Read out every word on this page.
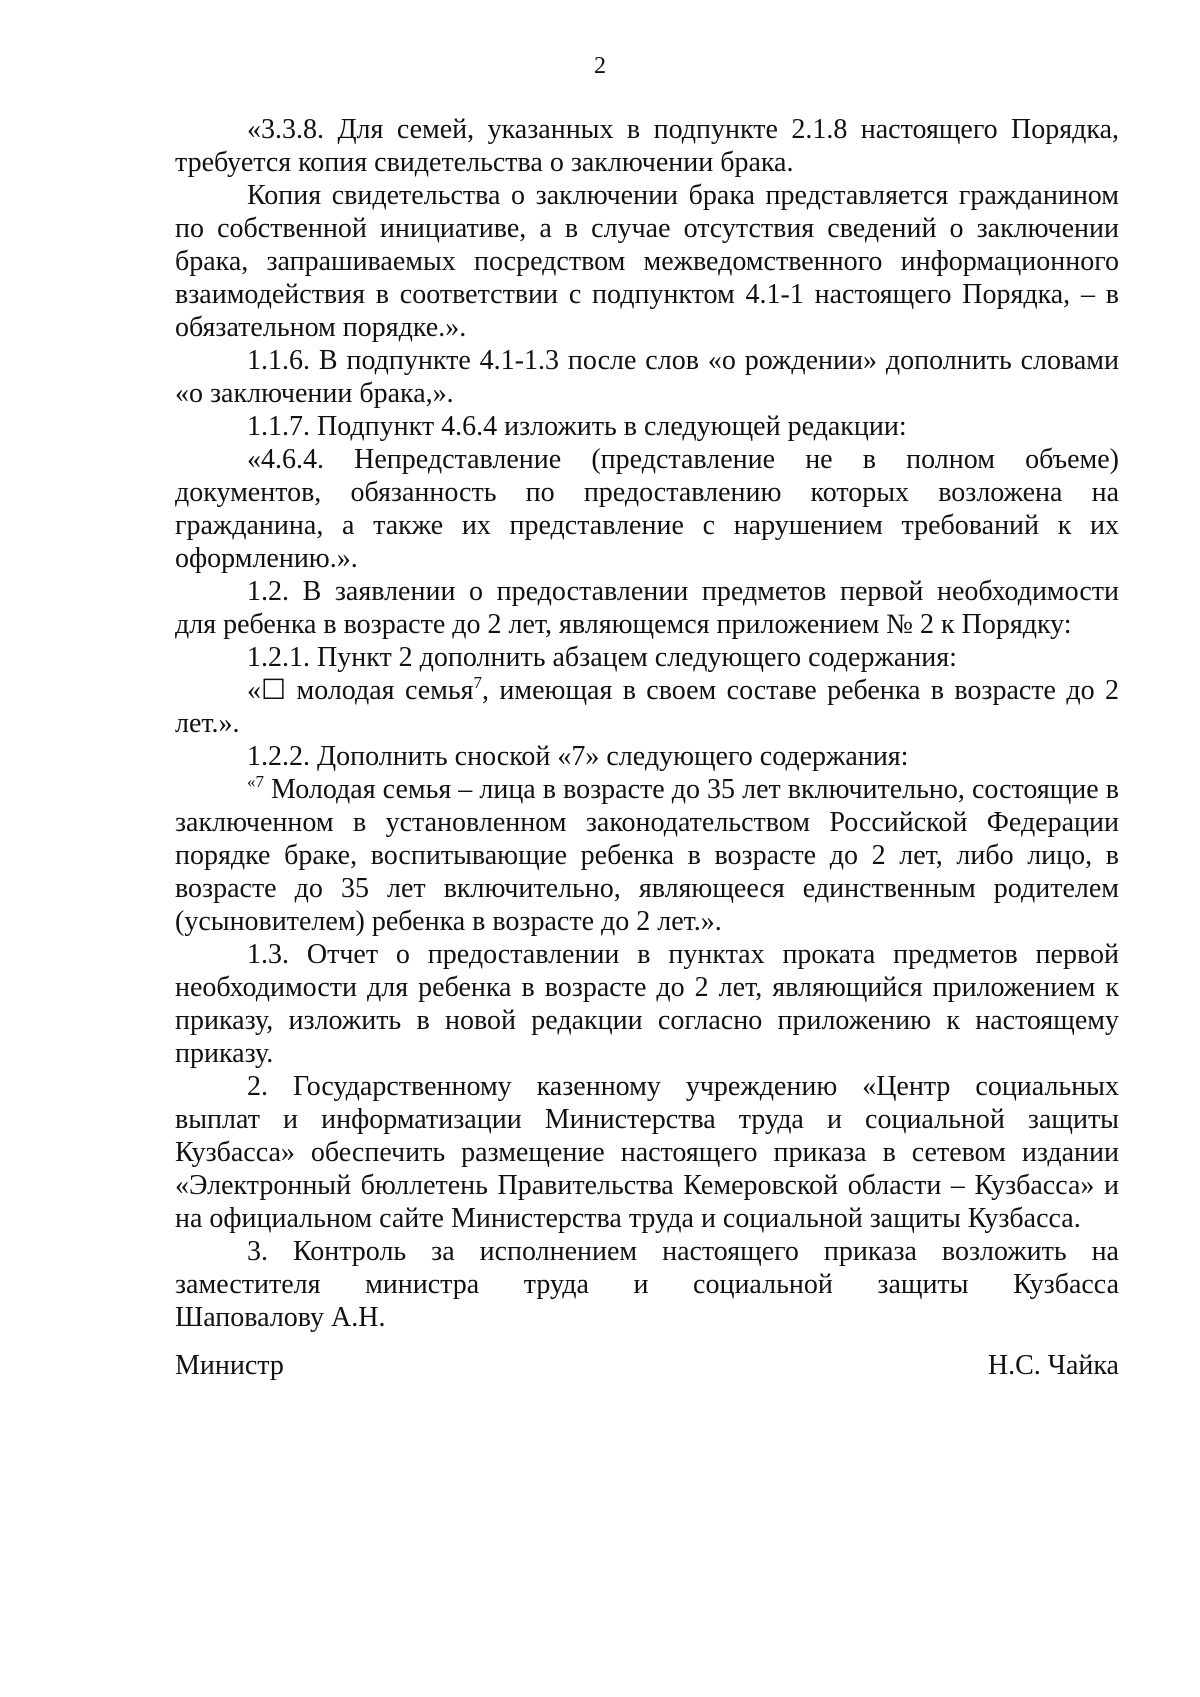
2

«3.3.8. Для семей, указанных в подпункте 2.1.8 настоящего Порядка, требуется копия свидетельства о заключении брака.

Копия свидетельства о заключении брака представляется гражданином по собственной инициативе, а в случае отсутствия сведений о заключении брака, запрашиваемых посредством межведомственного информационного взаимодействия в соответствии с подпунктом 4.1-1 настоящего Порядка, – в обязательном порядке.».

1.1.6. В подпункте 4.1-1.3 после слов «о рождении» дополнить словами «о заключении брака,».

1.1.7. Подпункт 4.6.4 изложить в следующей редакции:

«4.6.4. Непредставление (представление не в полном объеме) документов, обязанность по предоставлению которых возложена на гражданина, а также их представление с нарушением требований к их оформлению.».

1.2. В заявлении о предоставлении предметов первой необходимости для ребенка в возрасте до 2 лет, являющемся приложением № 2 к Порядку:

1.2.1. Пункт 2 дополнить абзацем следующего содержания:

«☐ молодая семья$^7$, имеющая в своем составе ребенка в возрасте до 2 лет.».

1.2.2. Дополнить сноской «7» следующего содержания:

$^{«7}$ Молодая семья – лица в возрасте до 35 лет включительно, состоящие в заключенном в установленном законодательством Российской Федерации порядке браке, воспитывающие ребенка в возрасте до 2 лет, либо лицо, в возрасте до 35 лет включительно, являющееся единственным родителем (усыновителем) ребенка в возрасте до 2 лет.».

1.3. Отчет о предоставлении в пунктах проката предметов первой необходимости для ребенка в возрасте до 2 лет, являющийся приложением к приказу, изложить в новой редакции согласно приложению к настоящему приказу.

2. Государственному казенному учреждению «Центр социальных выплат и информатизации Министерства труда и социальной защиты Кузбасса» обеспечить размещение настоящего приказа в сетевом издании «Электронный бюллетень Правительства Кемеровской области – Кузбасса» и на официальном сайте Министерства труда и социальной защиты Кузбасса.

3. Контроль за исполнением настоящего приказа возложить на заместителя министра труда и социальной защиты Кузбасса

Шаповалову А.Н.

Министр	Н.С. Чайка
